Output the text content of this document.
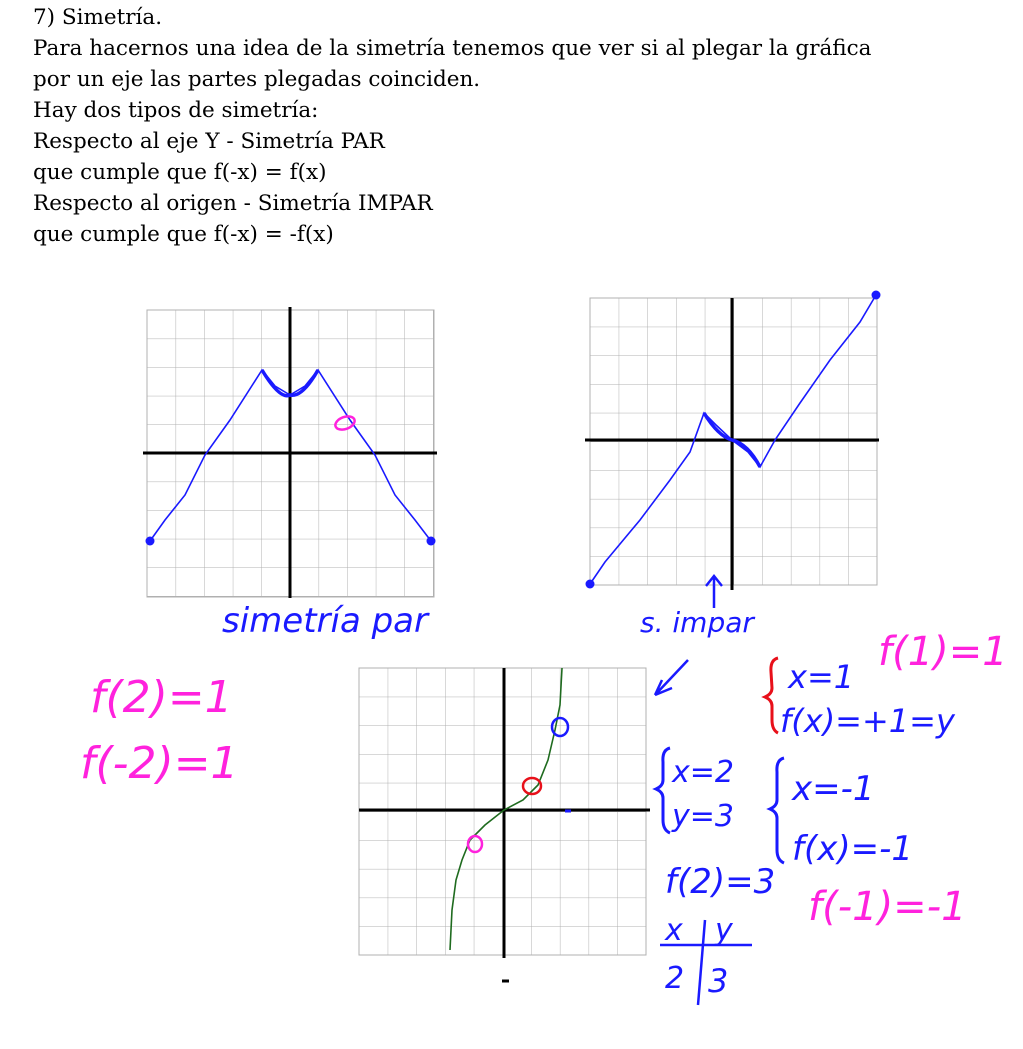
7) Simetría.
Para hacernos una idea de la simetría tenemos que ver si al plegar la gráfica
por un eje las partes plegadas coinciden.
Hay dos tipos de simetría:
Respecto al eje Y - Simetría PAR
que cumple que f(-x) = f(x)
Respecto al origen - Simetría IMPAR
que cumple que f(-x) = -f(x)
simetría par	s. impar
f(2)=1
f(-2)=1
f(1)=1
x=1
f(x)=+1=y
x=2
y=3
x=-1
f(x)=-1
f(2)=3
f(-1)=-1
x y
2 3
